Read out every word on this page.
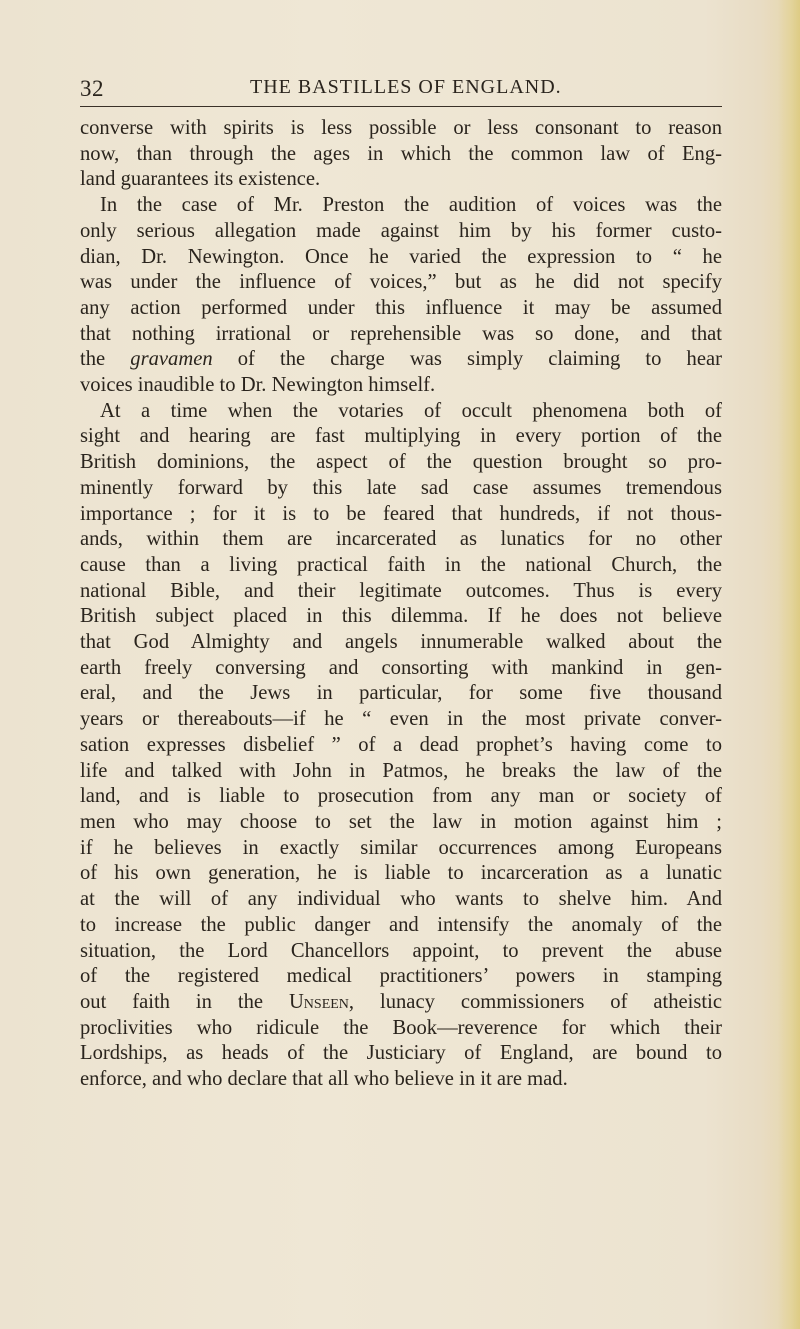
32	THE BASTILLES OF ENGLAND.

converse with spirits is less possible or less consonant to reason
now, than through the ages in which the common law of Eng-
land guarantees its existence.

In the case of Mr. Preston the audition of voices was the
only serious allegation made against him by his former custo-
dian, Dr. Newington. Once he varied the expression to “ he
was under the influence of voices,” but as he did not specify
any action performed under this influence it may be assumed
that nothing irrational or reprehensible was so done, and that
the gravamen of the charge was simply claiming to hear
voices inaudible to Dr. Newington himself.

At a time when the votaries of occult phenomena both of
sight and hearing are fast multiplying in every portion of the
British dominions, the aspect of the question brought so pro-
minently forward by this late sad case assumes tremendous
importance ; for it is to be feared that hundreds, if not thous-
ands, within them are incarcerated as lunatics for no other
cause than a living practical faith in the national Church, the
national Bible, and their legitimate outcomes. Thus is every
British subject placed in this dilemma. If he does not believe
that God Almighty and angels innumerable walked about the
earth freely conversing and consorting with mankind in gen-
eral, and the Jews in particular, for some five thousand
years or thereabouts—if he “ even in the most private conver-
sation expresses disbelief ” of a dead prophet’s having come to
life and talked with John in Patmos, he breaks the law of the
land, and is liable to prosecution from any man or society of
men who may choose to set the law in motion against him ;
if he believes in exactly similar occurrences among Europeans
of his own generation, he is liable to incarceration as a lunatic
at the will of any individual who wants to shelve him. And
to increase the public danger and intensify the anomaly of the
situation, the Lord Chancellors appoint, to prevent the abuse
of the registered medical practitioners’ powers in stamping
out faith in the Unseen, lunacy commissioners of atheistic
proclivities who ridicule the Book—reverence for which their
Lordships, as heads of the Justiciary of England, are bound to
enforce, and who declare that all who believe in it are mad.
